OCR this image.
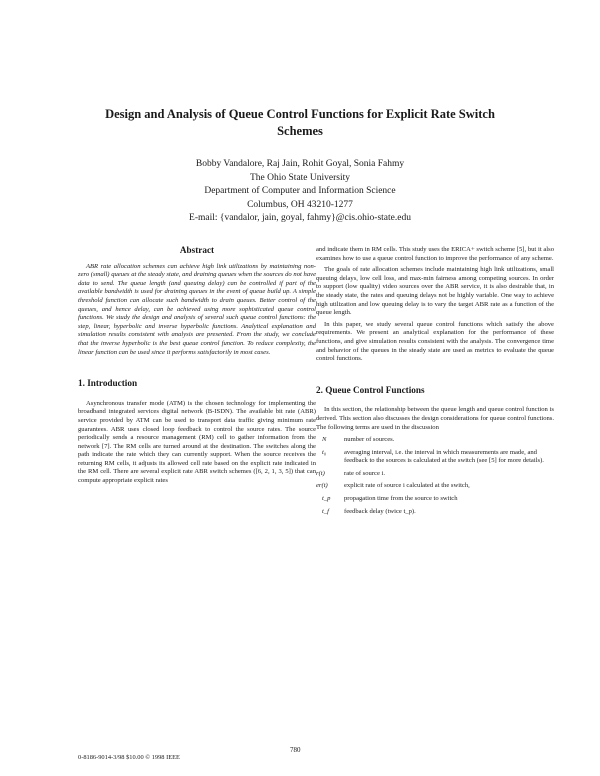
Design and Analysis of Queue Control Functions for Explicit Rate Switch Schemes
Bobby Vandalore, Raj Jain, Rohit Goyal, Sonia Fahmy
The Ohio State University
Department of Computer and Information Science
Columbus, OH 43210-1277
E-mail: {vandalor, jain, goyal, fahmy}@cis.ohio-state.edu
Abstract

ABR rate allocation schemes can achieve high link utilizations by maintaining non-zero (small) queues at the steady state, and draining queues when the sources do not have data to send. The queue length (and queuing delay) can be controlled if part of the available bandwidth is used for draining queues in the event of queue build up. A simple threshold function can allocate such bandwidth to drain queues. Better control of the queues, and hence delay, can be achieved using more sophisticated queue control functions. We study the design and analysis of several such queue control functions: the step, linear, hyperbolic and inverse hyperbolic functions. Analytical explanation and simulation results consistent with analysis are presented. From the study, we conclude that the inverse hyperbolic is the best queue control function. To reduce complexity, the linear function can be used since it performs satisfactorily in most cases.

1. Introduction

Asynchronous transfer mode (ATM) is the chosen technology for implementing the broadband integrated services digital network (B-ISDN). The available bit rate (ABR) service provided by ATM can be used to transport data traffic giving minimum rate guarantees. ABR uses closed loop feedback to control the source rates. The source periodically sends a resource management (RM) cell to gather information from the network [7]. The RM cells are turned around at the destination. The switches along the path indicate the rate which they can currently support. When the source receives the returning RM cells, it adjusts its allowed cell rate based on the explicit rate indicated in the RM cell. There are several explicit rate ABR switch schemes ([6, 2, 1, 3, 5]) that can compute appropriate explicit rates

and indicate them in RM cells. This study uses the ERICA+ switch scheme [5], but it also examines how to use a queue control function to improve the performance of any scheme.

The goals of rate allocation schemes include maintaining high link utilizations, small queuing delays, low cell loss, and max-min fairness among competing sources. In order to support (low quality) video sources over the ABR service, it is also desirable that, in the steady state, the rates and queuing delays not be highly variable. One way to achieve high utilization and low queuing delay is to vary the target ABR rate as a function of the queue length.

In this paper, we study several queue control functions which satisfy the above requirements. We present an analytical explanation for the performance of these functions, and give simulation results consistent with the analysis. The convergence time and behavior of the queues in the steady state are used as metrics to evaluate the queue control functions.

2. Queue Control Functions

In this section, the relationship between the queue length and queue control function is derived. This section also discusses the design considerations for queue control functions. The following terms are used in the discussion

N	number of sources.
t₀	averaging interval, i.e. the interval in which measurements are made, and feedback to the sources is calculated at the switch (see [5] for more details).
r(t)	rate of source i.
er(t)	explicit rate of source i calculated at the switch,
t_p	propagation time from the source to switch
t_f	feedback delay (twice t_p).
780
0-8186-9014-3/98 $10.00 © 1998 IEEE
